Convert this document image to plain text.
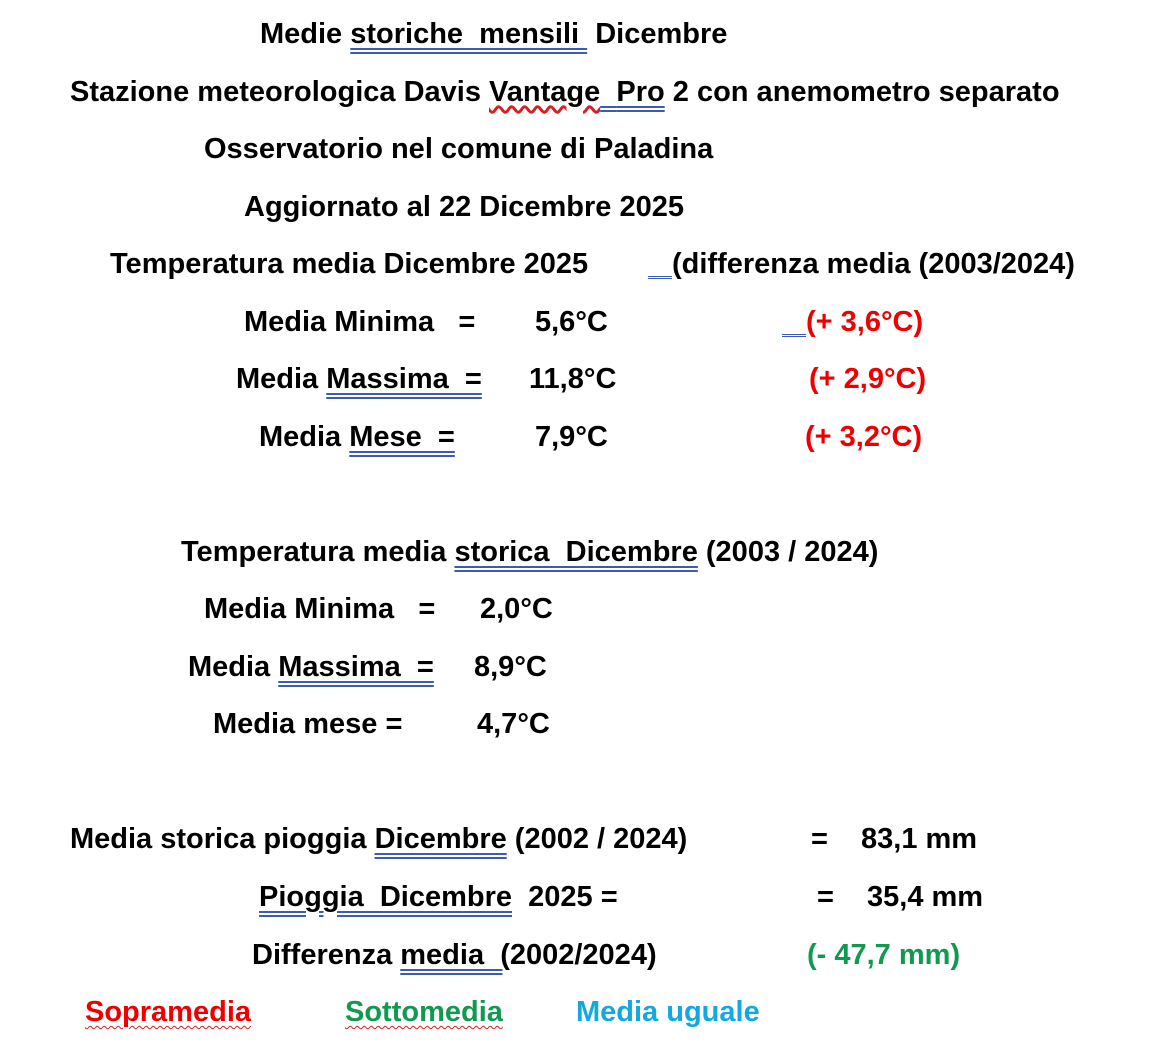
Medie storiche  mensili  Dicembre
Stazione meteorologica Davis Vantage Pro 2 con anemometro separato
Osservatorio nel comune di Paladina
Aggiornato al 22 Dicembre 2025
Temperatura media Dicembre 2025	(differenza media (2003/2024)
Media Minima   = 5,6°C	(+ 3,6°C)
Media Massima  = 11,8°C	(+ 2,9°C)
Media Mese  =	7,9°C	(+ 3,2°C)
Temperatura media storica  Dicembre (2003 / 2024)
Media Minima   = 2,0°C
Media Massima  = 8,9°C
Media mese =	4,7°C
Media storica pioggia Dicembre (2002 / 2024)	= 83,1 mm
Pioggia  Dicembre  2025 =	= 35,4 mm
Differenza media  (2002/2024)	(- 47,7 mm)
Sopramedia	Sottomedia	Media uguale
